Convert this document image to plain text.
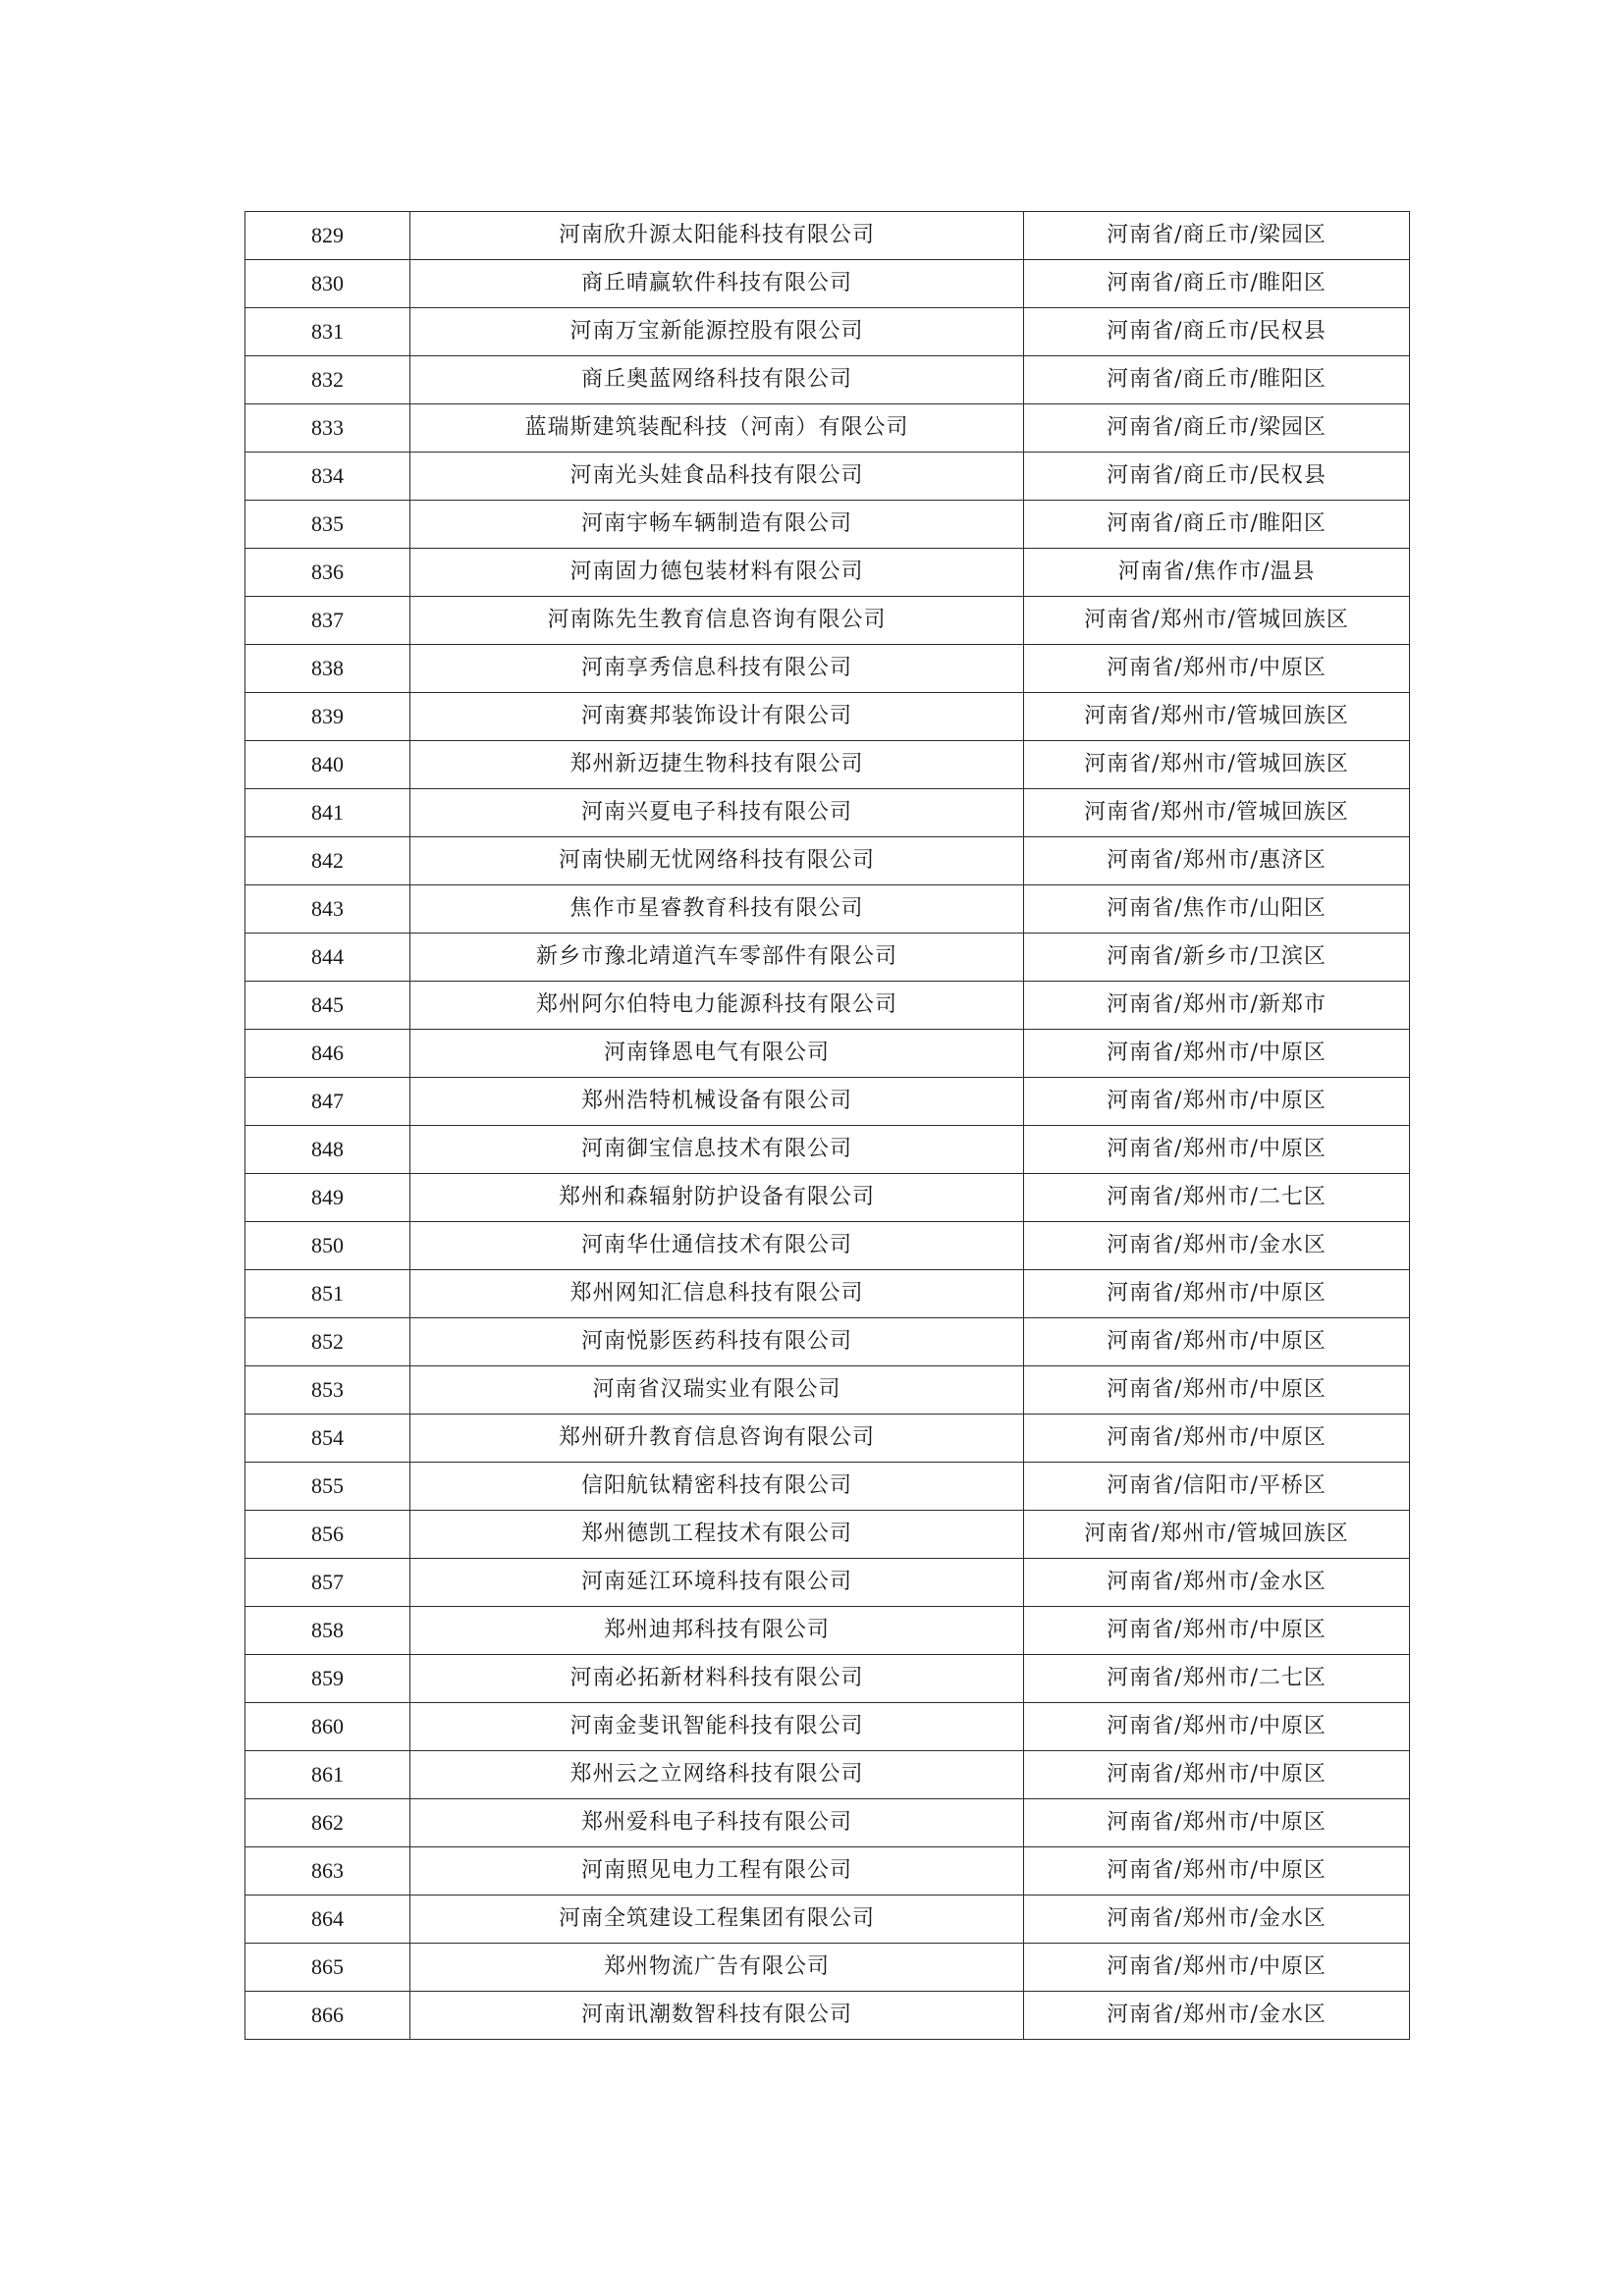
829	河南欣升源太阳能科技有限公司	河南省/商丘市/梁园区
830	商丘晴赢软件科技有限公司	河南省/商丘市/睢阳区
831	河南万宝新能源控股有限公司	河南省/商丘市/民权县
832	商丘奥蓝网络科技有限公司	河南省/商丘市/睢阳区
833	蓝瑞斯建筑装配科技（河南）有限公司	河南省/商丘市/梁园区
834	河南光头娃食品科技有限公司	河南省/商丘市/民权县
835	河南宇畅车辆制造有限公司	河南省/商丘市/睢阳区
836	河南固力德包装材料有限公司	河南省/焦作市/温县
837	河南陈先生教育信息咨询有限公司	河南省/郑州市/管城回族区
838	河南享秀信息科技有限公司	河南省/郑州市/中原区
839	河南赛邦装饰设计有限公司	河南省/郑州市/管城回族区
840	郑州新迈捷生物科技有限公司	河南省/郑州市/管城回族区
841	河南兴夏电子科技有限公司	河南省/郑州市/管城回族区
842	河南快刷无忧网络科技有限公司	河南省/郑州市/惠济区
843	焦作市星睿教育科技有限公司	河南省/焦作市/山阳区
844	新乡市豫北靖道汽车零部件有限公司	河南省/新乡市/卫滨区
845	郑州阿尔伯特电力能源科技有限公司	河南省/郑州市/新郑市
846	河南锋恩电气有限公司	河南省/郑州市/中原区
847	郑州浩特机械设备有限公司	河南省/郑州市/中原区
848	河南御宝信息技术有限公司	河南省/郑州市/中原区
849	郑州和森辐射防护设备有限公司	河南省/郑州市/二七区
850	河南华仕通信技术有限公司	河南省/郑州市/金水区
851	郑州网知汇信息科技有限公司	河南省/郑州市/中原区
852	河南悦影医药科技有限公司	河南省/郑州市/中原区
853	河南省汉瑞实业有限公司	河南省/郑州市/中原区
854	郑州研升教育信息咨询有限公司	河南省/郑州市/中原区
855	信阳航钛精密科技有限公司	河南省/信阳市/平桥区
856	郑州德凯工程技术有限公司	河南省/郑州市/管城回族区
857	河南延江环境科技有限公司	河南省/郑州市/金水区
858	郑州迪邦科技有限公司	河南省/郑州市/中原区
859	河南必拓新材料科技有限公司	河南省/郑州市/二七区
860	河南金斐讯智能科技有限公司	河南省/郑州市/中原区
861	郑州云之立网络科技有限公司	河南省/郑州市/中原区
862	郑州爱科电子科技有限公司	河南省/郑州市/中原区
863	河南照见电力工程有限公司	河南省/郑州市/中原区
864	河南全筑建设工程集团有限公司	河南省/郑州市/金水区
865	郑州物流广告有限公司	河南省/郑州市/中原区
866	河南讯潮数智科技有限公司	河南省/郑州市/金水区
